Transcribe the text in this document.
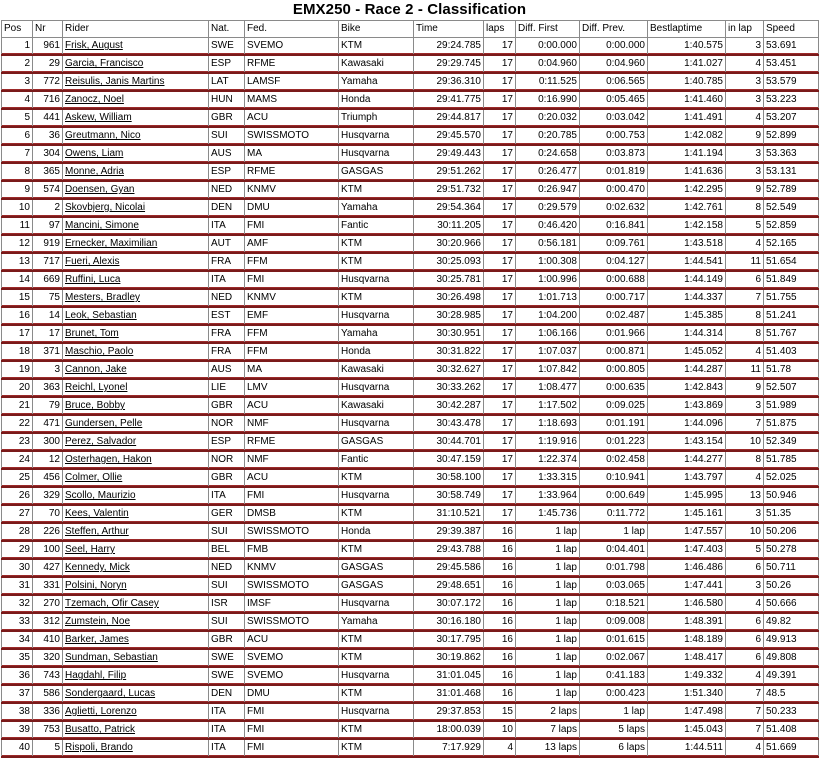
EMX250 - Race 2 - Classification
Pos	Nr	Rider	Nat.	Fed.	Bike	Time	laps	Diff. First	Diff. Prev.	Bestlaptime	in lap	Speed
1	961	Frisk, August	SWE	SVEMO	KTM	29:24.785	17	0:00.000	0:00.000	1:40.575	3	53.691
2	29	Garcia, Francisco	ESP	RFME	Kawasaki	29:29.745	17	0:04.960	0:04.960	1:41.027	4	53.451
3	772	Reisulis, Janis Martins	LAT	LAMSF	Yamaha	29:36.310	17	0:11.525	0:06.565	1:40.785	3	53.579
4	716	Zanocz, Noel	HUN	MAMS	Honda	29:41.775	17	0:16.990	0:05.465	1:41.460	3	53.223
5	441	Askew, William	GBR	ACU	Triumph	29:44.817	17	0:20.032	0:03.042	1:41.491	4	53.207
6	36	Greutmann, Nico	SUI	SWISSMOTO	Husqvarna	29:45.570	17	0:20.785	0:00.753	1:42.082	9	52.899
7	304	Owens, Liam	AUS	MA	Husqvarna	29:49.443	17	0:24.658	0:03.873	1:41.194	3	53.363
8	365	Monne, Adria	ESP	RFME	GASGAS	29:51.262	17	0:26.477	0:01.819	1:41.636	3	53.131
9	574	Doensen, Gyan	NED	KNMV	KTM	29:51.732	17	0:26.947	0:00.470	1:42.295	9	52.789
10	2	Skovbjerg, Nicolai	DEN	DMU	Yamaha	29:54.364	17	0:29.579	0:02.632	1:42.761	8	52.549
11	97	Mancini, Simone	ITA	FMI	Fantic	30:11.205	17	0:46.420	0:16.841	1:42.158	5	52.859
12	919	Ernecker, Maximilian	AUT	AMF	KTM	30:20.966	17	0:56.181	0:09.761	1:43.518	4	52.165
13	717	Fueri, Alexis	FRA	FFM	KTM	30:25.093	17	1:00.308	0:04.127	1:44.541	11	51.654
14	669	Ruffini, Luca	ITA	FMI	Husqvarna	30:25.781	17	1:00.996	0:00.688	1:44.149	6	51.849
15	75	Mesters, Bradley	NED	KNMV	KTM	30:26.498	17	1:01.713	0:00.717	1:44.337	7	51.755
16	14	Leok, Sebastian	EST	EMF	Husqvarna	30:28.985	17	1:04.200	0:02.487	1:45.385	8	51.241
17	17	Brunet, Tom	FRA	FFM	Yamaha	30:30.951	17	1:06.166	0:01.966	1:44.314	8	51.767
18	371	Maschio, Paolo	FRA	FFM	Honda	30:31.822	17	1:07.037	0:00.871	1:45.052	4	51.403
19	3	Cannon, Jake	AUS	MA	Kawasaki	30:32.627	17	1:07.842	0:00.805	1:44.287	11	51.78
20	363	Reichl, Lyonel	LIE	LMV	Husqvarna	30:33.262	17	1:08.477	0:00.635	1:42.843	9	52.507
21	79	Bruce, Bobby	GBR	ACU	Kawasaki	30:42.287	17	1:17.502	0:09.025	1:43.869	3	51.989
22	471	Gundersen, Pelle	NOR	NMF	Husqvarna	30:43.478	17	1:18.693	0:01.191	1:44.096	7	51.875
23	300	Perez, Salvador	ESP	RFME	GASGAS	30:44.701	17	1:19.916	0:01.223	1:43.154	10	52.349
24	12	Osterhagen, Hakon	NOR	NMF	Fantic	30:47.159	17	1:22.374	0:02.458	1:44.277	8	51.785
25	456	Colmer, Ollie	GBR	ACU	KTM	30:58.100	17	1:33.315	0:10.941	1:43.797	4	52.025
26	329	Scollo, Maurizio	ITA	FMI	Husqvarna	30:58.749	17	1:33.964	0:00.649	1:45.995	13	50.946
27	70	Kees, Valentin	GER	DMSB	KTM	31:10.521	17	1:45.736	0:11.772	1:45.161	3	51.35
28	226	Steffen, Arthur	SUI	SWISSMOTO	Honda	29:39.387	16	1 lap	1 lap	1:47.557	10	50.206
29	100	Seel, Harry	BEL	FMB	KTM	29:43.788	16	1 lap	0:04.401	1:47.403	5	50.278
30	427	Kennedy, Mick	NED	KNMV	GASGAS	29:45.586	16	1 lap	0:01.798	1:46.486	6	50.711
31	331	Polsini, Noryn	SUI	SWISSMOTO	GASGAS	29:48.651	16	1 lap	0:03.065	1:47.441	3	50.26
32	270	Tzemach, Ofir Casey	ISR	IMSF	Husqvarna	30:07.172	16	1 lap	0:18.521	1:46.580	4	50.666
33	312	Zumstein, Noe	SUI	SWISSMOTO	Yamaha	30:16.180	16	1 lap	0:09.008	1:48.391	6	49.82
34	410	Barker, James	GBR	ACU	KTM	30:17.795	16	1 lap	0:01.615	1:48.189	6	49.913
35	320	Sundman, Sebastian	SWE	SVEMO	KTM	30:19.862	16	1 lap	0:02.067	1:48.417	6	49.808
36	743	Hagdahl, Filip	SWE	SVEMO	Husqvarna	31:01.045	16	1 lap	0:41.183	1:49.332	4	49.391
37	586	Sondergaard, Lucas	DEN	DMU	KTM	31:01.468	16	1 lap	0:00.423	1:51.340	7	48.5
38	336	Aglietti, Lorenzo	ITA	FMI	Husqvarna	29:37.853	15	2 laps	1 lap	1:47.498	7	50.233
39	753	Busatto, Patrick	ITA	FMI	KTM	18:00.039	10	7 laps	5 laps	1:45.043	7	51.408
40	5	Rispoli, Brando	ITA	FMI	KTM	7:17.929	4	13 laps	6 laps	1:44.511	4	51.669
